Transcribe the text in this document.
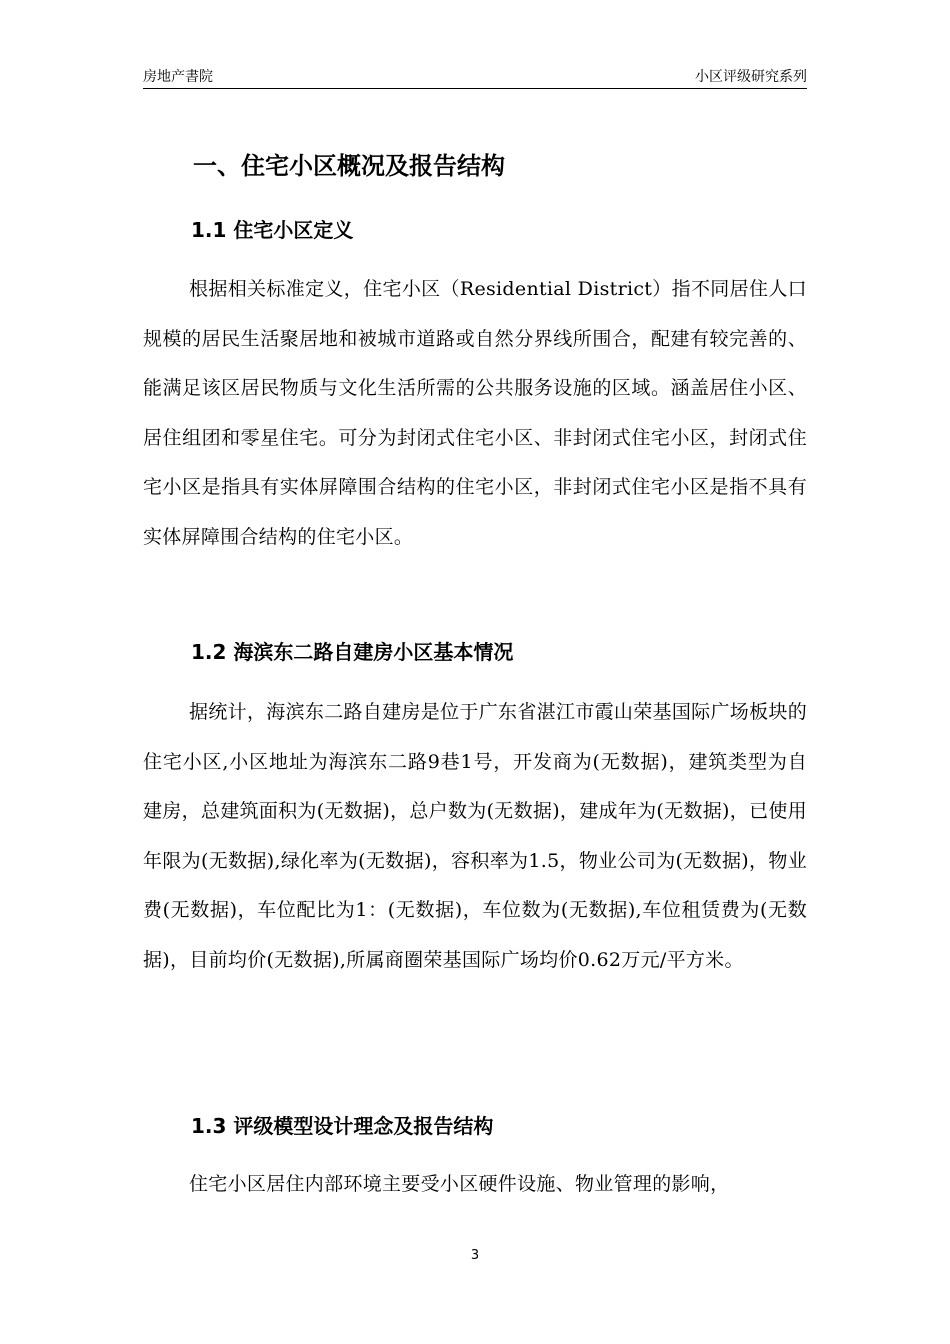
房地产書院	小区评级研究系列
一、住宅小区概况及报告结构
1.1 住宅小区定义
根据相关标准定义，住宅小区（Residential District）指不同居住人口规模的居民生活聚居地和被城市道路或自然分界线所围合，配建有较完善的、能满足该区居民物质与文化生活所需的公共服务设施的区域。涵盖居住小区、居住组团和零星住宅。可分为封闭式住宅小区、非封闭式住宅小区，封闭式住宅小区是指具有实体屏障围合结构的住宅小区，非封闭式住宅小区是指不具有实体屏障围合结构的住宅小区。
1.2 海滨东二路自建房小区基本情况
据统计，海滨东二路自建房是位于广东省湛江市霞山荣基国际广场板块的住宅小区,小区地址为海滨东二路9巷1号，开发商为(无数据)，建筑类型为自建房，总建筑面积为(无数据)，总户数为(无数据)，建成年为(无数据)，已使用年限为(无数据),绿化率为(无数据)，容积率为1.5，物业公司为(无数据)，物业费(无数据)，车位配比为1：(无数据)，车位数为(无数据),车位租赁费为(无数据)，目前均价(无数据),所属商圈荣基国际广场均价0.62万元/平方米。
1.3 评级模型设计理念及报告结构
住宅小区居住内部环境主要受小区硬件设施、物业管理的影响，
3
